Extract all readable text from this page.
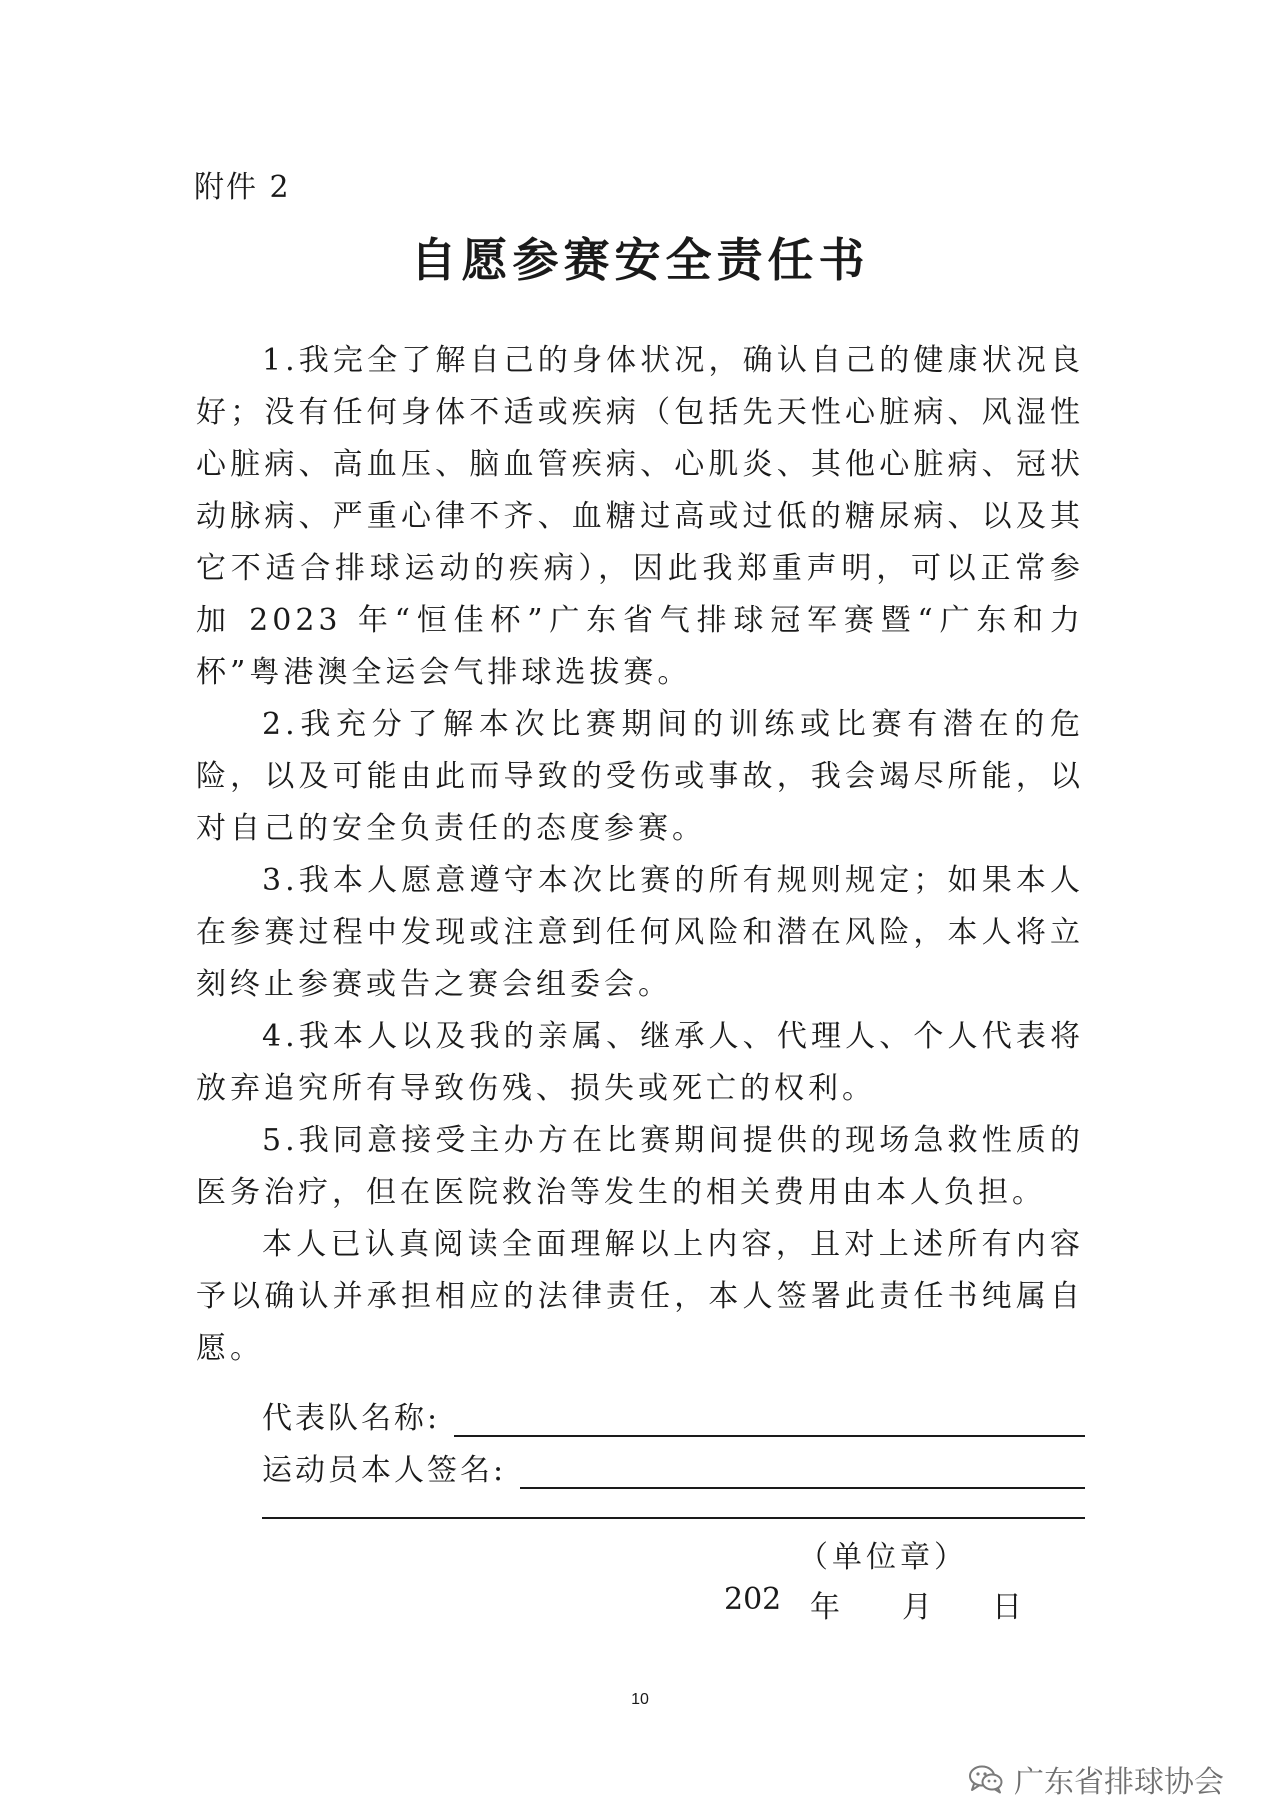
附件 2
自愿参赛安全责任书

1.我完全了解自己的身体状况，确认自己的健康状况良好；没有任何身体不适或疾病（包括先天性心脏病、风湿性心脏病、高血压、脑血管疾病、心肌炎、其他心脏病、冠状动脉病、严重心律不齐、血糖过高或过低的糖尿病、以及其它不适合排球运动的疾病），因此我郑重声明，可以正常参加 2023 年“恒佳杯”广东省气排球冠军赛暨“广东和力杯”粤港澳全运会气排球选拔赛。

2.我充分了解本次比赛期间的训练或比赛有潜在的危险，以及可能由此而导致的受伤或事故，我会竭尽所能，以对自己的安全负责任的态度参赛。

3.我本人愿意遵守本次比赛的所有规则规定；如果本人在参赛过程中发现或注意到任何风险和潜在风险，本人将立刻终止参赛或告之赛会组委会。

4.我本人以及我的亲属、继承人、代理人、个人代表将放弃追究所有导致伤残、损失或死亡的权利。

5.我同意接受主办方在比赛期间提供的现场急救性质的医务治疗，但在医院救治等发生的相关费用由本人负担。

本人已认真阅读全面理解以上内容，且对上述所有内容予以确认并承担相应的法律责任，本人签署此责任书纯属自愿。

代表队名称:
运动员本人签名:
（单位章）
202 年	月	日
10
广东省排球协会
